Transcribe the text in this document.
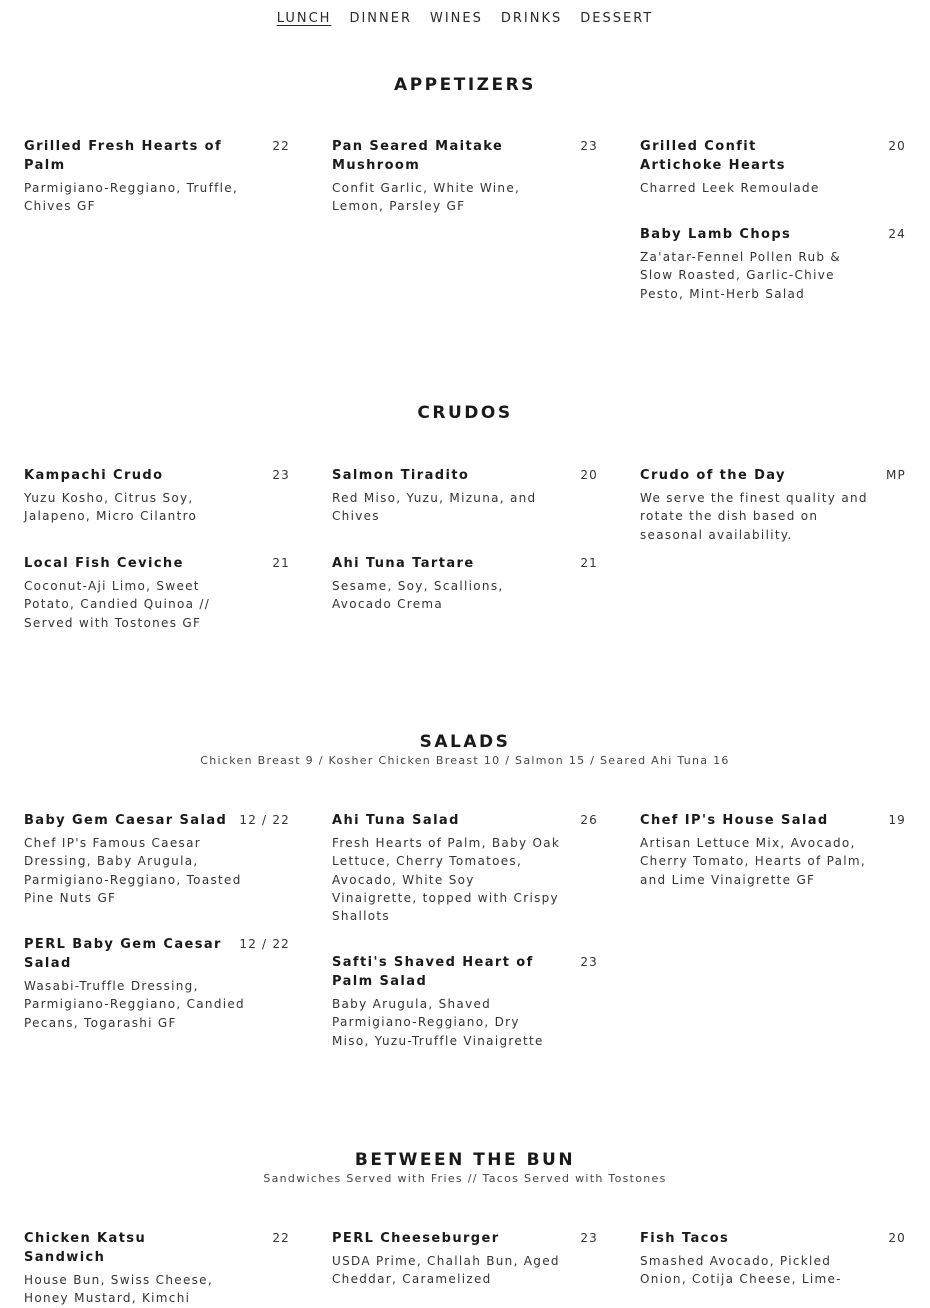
LUNCH DINNER WINES DRINKS DESSERT
APPETIZERS
Grilled Fresh Hearts of Palm
22
Parmigiano-Reggiano, Truffle, Chives GF
Pan Seared Maitake Mushroom
23
Confit Garlic, White Wine, Lemon, Parsley GF
Grilled Confit Artichoke Hearts
20
Charred Leek Remoulade
Baby Lamb Chops	24
Za'atar-Fennel Pollen Rub & Slow Roasted, Garlic-Chive Pesto, Mint-Herb Salad
CRUDOS
Kampachi Crudo	23
Yuzu Kosho, Citrus Soy, Jalapeno, Micro Cilantro
Salmon Tiradito	20
Red Miso, Yuzu, Mizuna, and Chives
Crudo of the Day	MP
We serve the finest quality and rotate the dish based on seasonal availability.
Local Fish Ceviche	21
Coconut-Aji Limo, Sweet Potato, Candied Quinoa // Served with Tostones GF
Ahi Tuna Tartare	21
Sesame, Soy, Scallions, Avocado Crema
SALADS
Chicken Breast 9 / Kosher Chicken Breast 10 / Salmon 15 / Seared Ahi Tuna 16
Baby Gem Caesar Salad 12 / 22
Chef IP's Famous Caesar Dressing, Baby Arugula, Parmigiano-Reggiano, Toasted Pine Nuts GF
Ahi Tuna Salad	26
Fresh Hearts of Palm, Baby Oak Lettuce, Cherry Tomatoes, Avocado, White Soy Vinaigrette, topped with Crispy Shallots
Chef IP's House Salad	19
Artisan Lettuce Mix, Avocado, Cherry Tomato, Hearts of Palm, and Lime Vinaigrette GF
PERL Baby Gem Caesar Salad
12 / 22
Wasabi-Truffle Dressing, Parmigiano-Reggiano, Candied Pecans, Togarashi GF
Safti's Shaved Heart of Palm Salad
23
Baby Arugula, Shaved Parmigiano-Reggiano, Dry Miso, Yuzu-Truffle Vinaigrette
BETWEEN THE BUN
Sandwiches Served with Fries // Tacos Served with Tostones
Chicken Katsu Sandwich
22
House Bun, Swiss Cheese, Honey Mustard, Kimchi
PERL Cheeseburger	23
USDA Prime, Challah Bun, Aged Cheddar, Caramelized
Fish Tacos	20
Smashed Avocado, Pickled Onion, Cotija Cheese, Lime-
